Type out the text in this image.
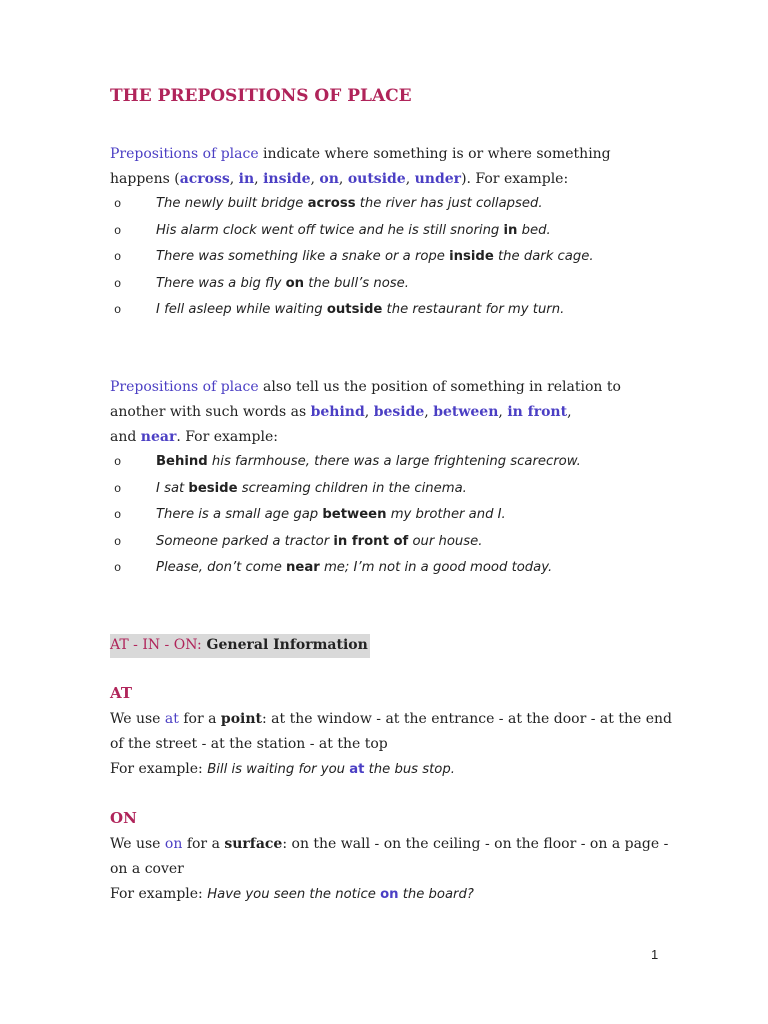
THE PREPOSITIONS OF PLACE

Prepositions of place indicate where something is or where something
happens (across, in, inside, on, outside, under). For example:

o	The newly built bridge across the river has just collapsed.
o	His alarm clock went off twice and he is still snoring in bed.
o	There was something like a snake or a rope inside the dark cage.
o	There was a big fly on the bull’s nose.
o	I fell asleep while waiting outside the restaurant for my turn.

Prepositions of place also tell us the position of something in relation to
another with such words as behind, beside, between, in front,
and near. For example:

o	Behind his farmhouse, there was a large frightening scarecrow.
o	I sat beside screaming children in the cinema.
o	There is a small age gap between my brother and I.
o	Someone parked a tractor in front of our house.
o	Please, don’t come near me; I’m not in a good mood today.

AT - IN - ON: General Information

AT

We use at for a point: at the window - at the entrance - at the door - at the end
of the street - at the station - at the top
For example: Bill is waiting for you at the bus stop.

ON

We use on for a surface: on the wall - on the ceiling - on the floor - on a page -
on a cover
For example: Have you seen the notice on the board?

1
